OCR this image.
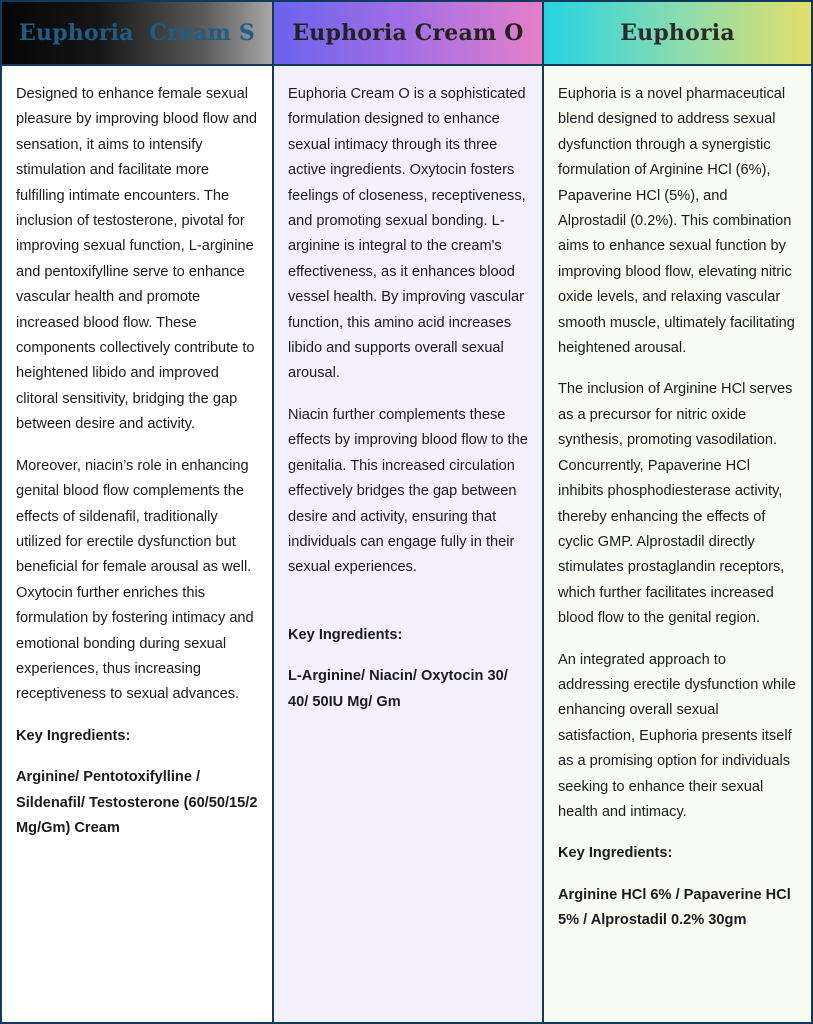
Euphoria  Cream S	Euphoria Cream O	Euphoria

Designed to enhance female sexual pleasure by improving blood flow and sensation, it aims to intensify stimulation and facilitate more fulfilling intimate encounters. The inclusion of testosterone, pivotal for improving sexual function, L-arginine and pentoxifylline serve to enhance vascular health and promote increased blood flow. These components collectively contribute to heightened libido and improved clitoral sensitivity, bridging the gap between desire and activity.

Moreover, niacin’s role in enhancing genital blood flow complements the effects of sildenafil, traditionally utilized for erectile dysfunction but beneficial for female arousal as well. Oxytocin further enriches this formulation by fostering intimacy and emotional bonding during sexual experiences, thus increasing receptiveness to sexual advances.

Key Ingredients:

Arginine/ Pentotoxifylline / Sildenafil/ Testosterone (60/50/15/2 Mg/Gm) Cream

Euphoria Cream O is a sophisticated formulation designed to enhance sexual intimacy through its three active ingredients. Oxytocin fosters feelings of closeness, receptiveness, and promoting sexual bonding. L-arginine is integral to the cream's effectiveness, as it enhances blood vessel health. By improving vascular function, this amino acid increases libido and supports overall sexual arousal.

Niacin further complements these effects by improving blood flow to the genitalia. This increased circulation effectively bridges the gap between desire and activity, ensuring that individuals can engage fully in their sexual experiences.

Key Ingredients:

L-Arginine/ Niacin/ Oxytocin 30/ 40/ 50IU Mg/ Gm

Euphoria is a novel pharmaceutical blend designed to address sexual dysfunction through a synergistic formulation of Arginine HCl (6%), Papaverine HCl (5%), and Alprostadil (0.2%). This combination aims to enhance sexual function by improving blood flow, elevating nitric oxide levels, and relaxing vascular smooth muscle, ultimately facilitating heightened arousal.

The inclusion of Arginine HCl serves as a precursor for nitric oxide synthesis, promoting vasodilation. Concurrently, Papaverine HCl inhibits phosphodiesterase activity, thereby enhancing the effects of cyclic GMP. Alprostadil directly stimulates prostaglandin receptors, which further facilitates increased blood flow to the genital region.

An integrated approach to addressing erectile dysfunction while enhancing overall sexual satisfaction, Euphoria presents itself as a promising option for individuals seeking to enhance their sexual health and intimacy.

Key Ingredients:

Arginine HCl 6% / Papaverine HCl 5% / Alprostadil 0.2% 30gm
